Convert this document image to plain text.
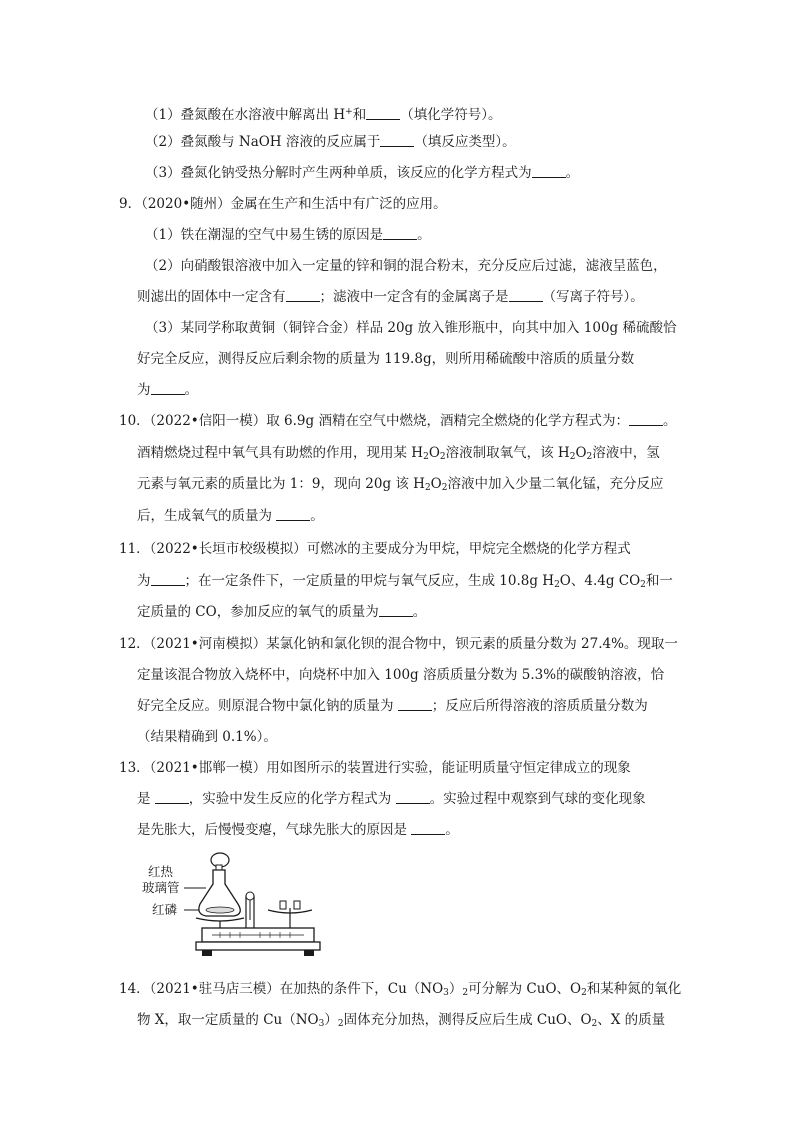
（1）叠氮酸在水溶液中解离出 H+和	（填化学符号）。
（2）叠氮酸与 NaOH 溶液的反应属于	（填反应类型）。
（3）叠氮化钠受热分解时产生两种单质，该反应的化学方程式为	。
9．（2020•随州）金属在生产和生活中有广泛的应用。
（1）铁在潮湿的空气中易生锈的原因是	。
（2）向硝酸银溶液中加入一定量的锌和铜的混合粉末，充分反应后过滤，滤液呈蓝色，
则滤出的固体中一定含有	；滤液中一定含有的金属离子是	（写离子符号）。
（3）某同学称取黄铜（铜锌合金）样品 20g 放入锥形瓶中，向其中加入 100g 稀硫酸恰
好完全反应，测得反应后剩余物的质量为 119.8g，则所用稀硫酸中溶质的质量分数
为	。
10．（2022•信阳一模）取 6.9g 酒精在空气中燃烧，酒精完全燃烧的化学方程式为：	。
酒精燃烧过程中氧气具有助燃的作用，现用某 $H_2O_2$溶液制取氧气，该 $H_2O_2$溶液中，氢
元素与氧元素的质量比为 1：9，现向 20g 该 $H_2O_2$溶液中加入少量二氧化锰，充分反应
后，生成氧气的质量为	。
11．（2022•长垣市校级模拟）可燃冰的主要成分为甲烷，甲烷完全燃烧的化学方程式
为	；在一定条件下，一定质量的甲烷与氧气反应，生成 10.8g $H_2O$、4.4g $CO_2$和一
定质量的 CO，参加反应的氧气的质量为	。
12．（2021•河南模拟）某氯化钠和氯化钡的混合物中，钡元素的质量分数为 27.4%。现取一
定量该混合物放入烧杯中，向烧杯中加入 100g 溶质质量分数为 5.3%的碳酸钠溶液，恰
好完全反应。则原混合物中氯化钠的质量为	；反应后所得溶液的溶质质量分数为
（结果精确到 0.1%）。
13．（2021•邯郸一模）用如图所示的装置进行实验，能证明质量守恒定律成立的现象
是	，实验中发生反应的化学方程式为	。实验过程中观察到气球的变化现象
是先胀大，后慢慢变瘪，气球先胀大的原因是	。
红热
玻璃管
红磷
14．（2021•驻马店三模）在加热的条件下，$Cu(NO_3)_2$可分解为 CuO、$O_2$和某种氮的氧化
物 X，取一定质量的 $Cu(NO_3)_2$固体充分加热，测得反应后生成 CuO、$O_2$、X 的质量
